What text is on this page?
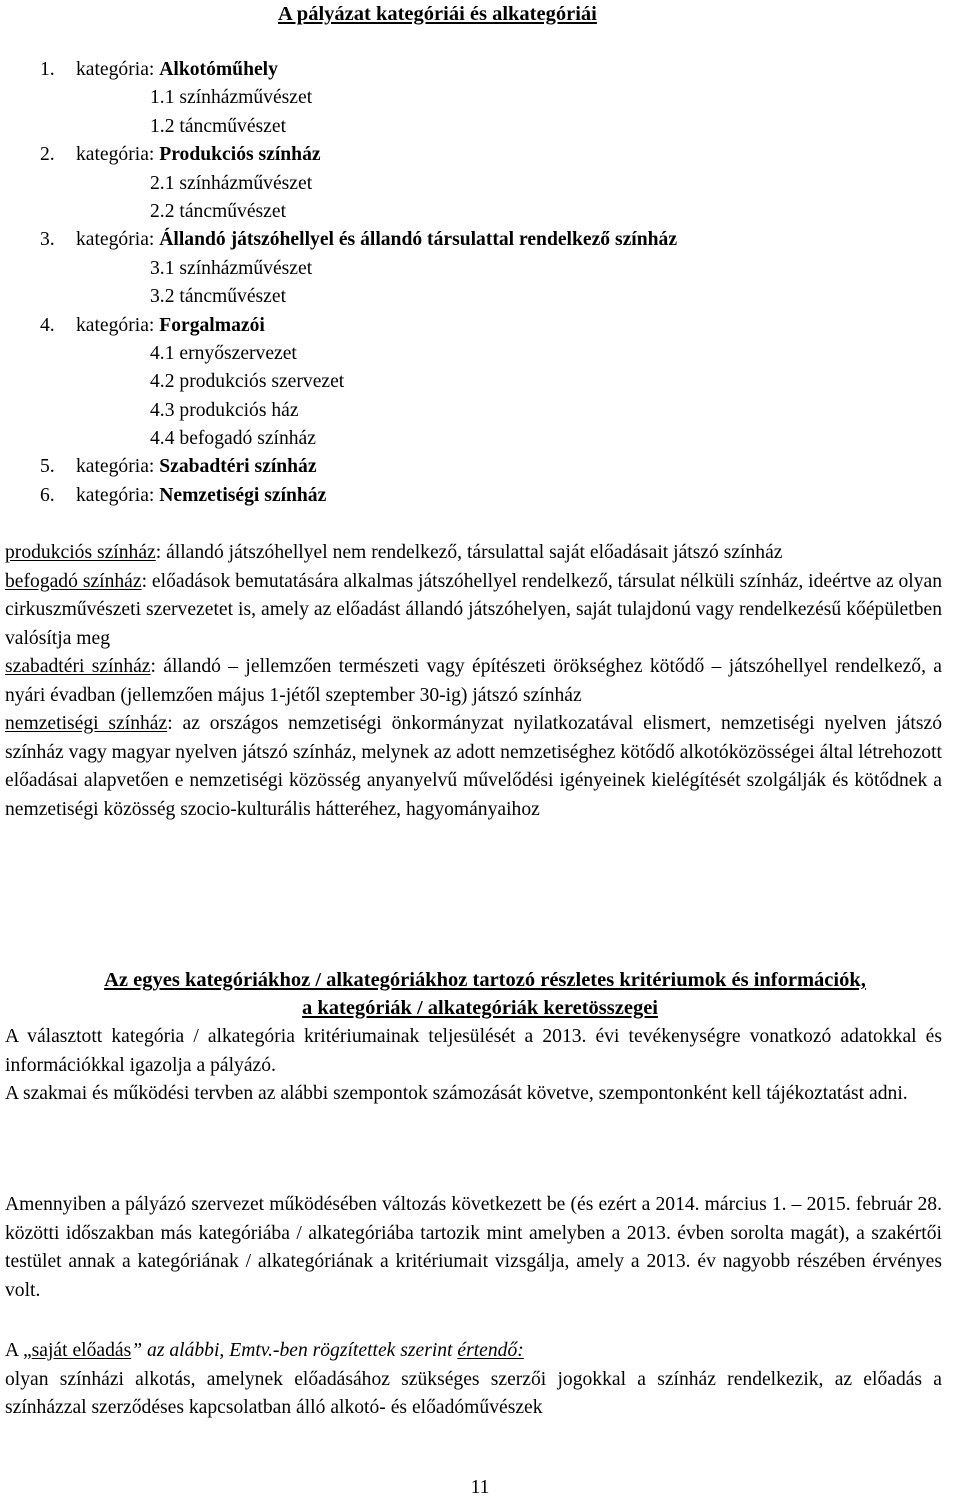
A pályázat kategóriái és alkategóriái
1. kategória: Alkotóműhely
1.1 színházművészet
1.2 táncművészet
2. kategória: Produkciós színház
2.1 színházművészet
2.2 táncművészet
3. kategória: Állandó játszóhellyel és állandó társulattal rendelkező színház
3.1 színházművészet
3.2 táncművészet
4. kategória: Forgalmazói
4.1 ernyőszervezet
4.2 produkciós szervezet
4.3 produkciós ház
4.4 befogadó színház
5. kategória: Szabadtéri színház
6. kategória: Nemzetiségi színház

produkciós színház: állandó játszóhellyel nem rendelkező, társulattal saját előadásait játszó színház

befogadó színház: előadások bemutatására alkalmas játszóhellyel rendelkező, társulat nélküli színház, ideértve az olyan cirkuszművészeti szervezetet is, amely az előadást állandó játszóhelyen, saját tulajdonú vagy rendelkezésű kőépületben valósítja meg

szabadtéri színház: állandó – jellemzően természeti vagy építészeti örökséghez kötődő – játszóhellyel rendelkező, a nyári évadban (jellemzően május 1-jétől szeptember 30-ig) játszó színház

nemzetiségi színház: az országos nemzetiségi önkormányzat nyilatkozatával elismert, nemzetiségi nyelven játszó színház vagy magyar nyelven játszó színház, melynek az adott nemzetiséghez kötődő alkotóközösségei által létrehozott előadásai alapvetően e nemzetiségi közösség anyanyelvű művelődési igényeinek kielégítését szolgálják és kötődnek a nemzetiségi közösség szocio-kulturális hátteréhez, hagyományaihoz

Az egyes kategóriákhoz / alkategóriákhoz tartozó részletes kritériumok és információk,
a kategóriák / alkategóriák keretösszegei

A választott kategória / alkategória kritériumainak teljesülését a 2013. évi tevékenységre vonatkozó adatokkal és információkkal igazolja a pályázó.

A szakmai és működési tervben az alábbi szempontok számozását követve, szempontonként kell tájékoztatást adni.

Amennyiben a pályázó szervezet működésében változás következett be (és ezért a 2014. március 1. – 2015. február 28. közötti időszakban más kategóriába / alkategóriába tartozik mint amelyben a 2013. évben sorolta magát), a szakértői testület annak a kategóriának / alkategóriának a kritériumait vizsgálja, amely a 2013. év nagyobb részében érvényes volt.

A „saját előadás” az alábbi, Emtv.-ben rögzítettek szerint értendő:

olyan színházi alkotás, amelynek előadásához szükséges szerzői jogokkal a színház rendelkezik, az előadás a színházzal szerződéses kapcsolatban álló alkotó- és előadóművészek

11
